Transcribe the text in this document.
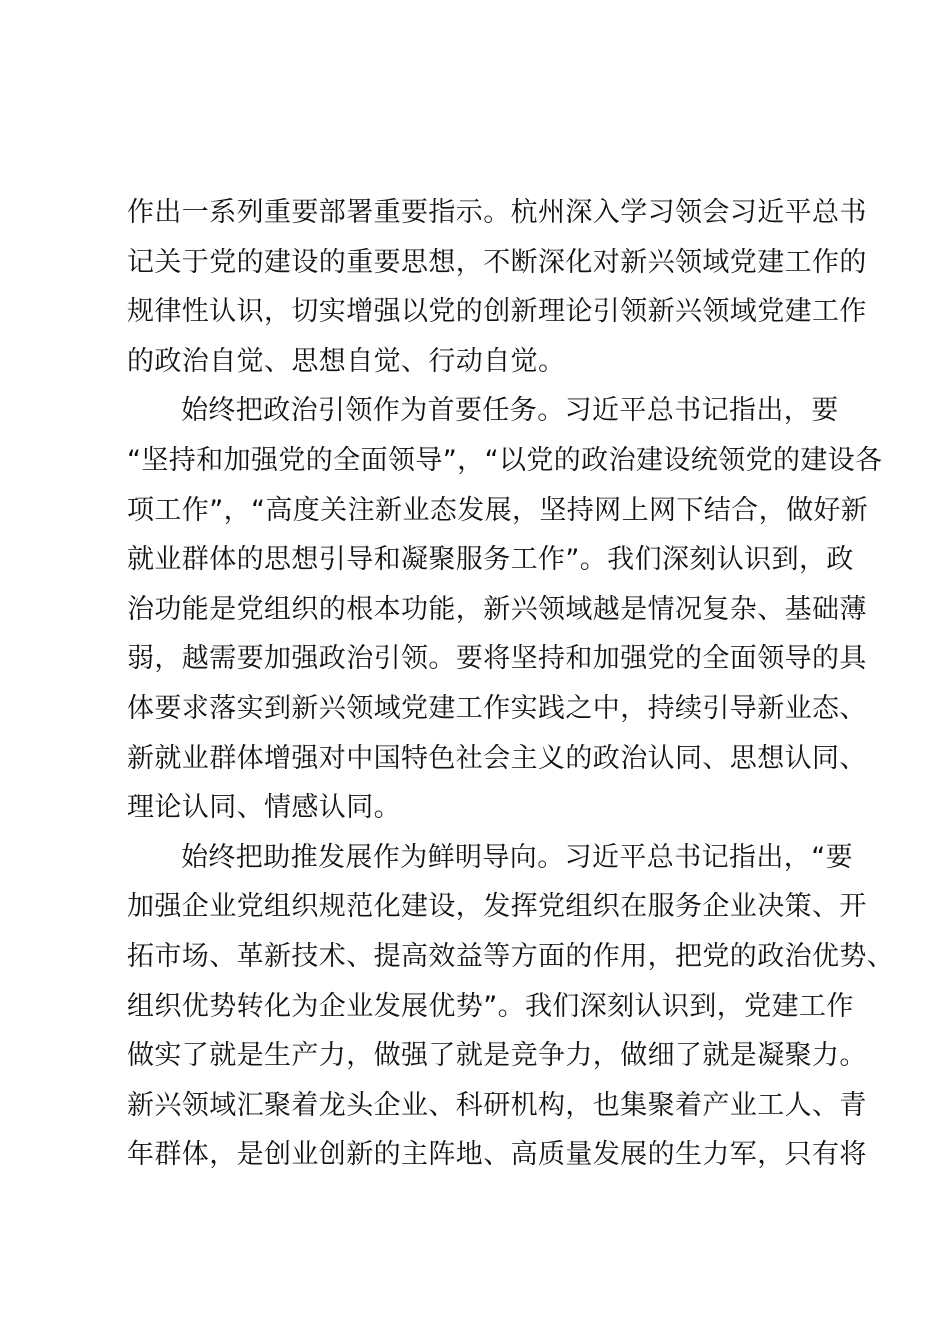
作出一系列重要部署重要指示。杭州深入学习领会习近平总书
记关于党的建设的重要思想，不断深化对新兴领域党建工作的
规律性认识，切实增强以党的创新理论引领新兴领域党建工作
的政治自觉、思想自觉、行动自觉。
始终把政治引领作为首要任务。习近平总书记指出，要
“坚持和加强党的全面领导”，“以党的政治建设统领党的建设各
项工作”，“高度关注新业态发展，坚持网上网下结合，做好新
就业群体的思想引导和凝聚服务工作”。我们深刻认识到，政
治功能是党组织的根本功能，新兴领域越是情况复杂、基础薄
弱，越需要加强政治引领。要将坚持和加强党的全面领导的具
体要求落实到新兴领域党建工作实践之中，持续引导新业态、
新就业群体增强对中国特色社会主义的政治认同、思想认同、
理论认同、情感认同。
始终把助推发展作为鲜明导向。习近平总书记指出，“要
加强企业党组织规范化建设，发挥党组织在服务企业决策、开
拓市场、革新技术、提高效益等方面的作用，把党的政治优势、
组织优势转化为企业发展优势”。我们深刻认识到，党建工作
做实了就是生产力，做强了就是竞争力，做细了就是凝聚力。
新兴领域汇聚着龙头企业、科研机构，也集聚着产业工人、青
年群体，是创业创新的主阵地、高质量发展的生力军，只有将
